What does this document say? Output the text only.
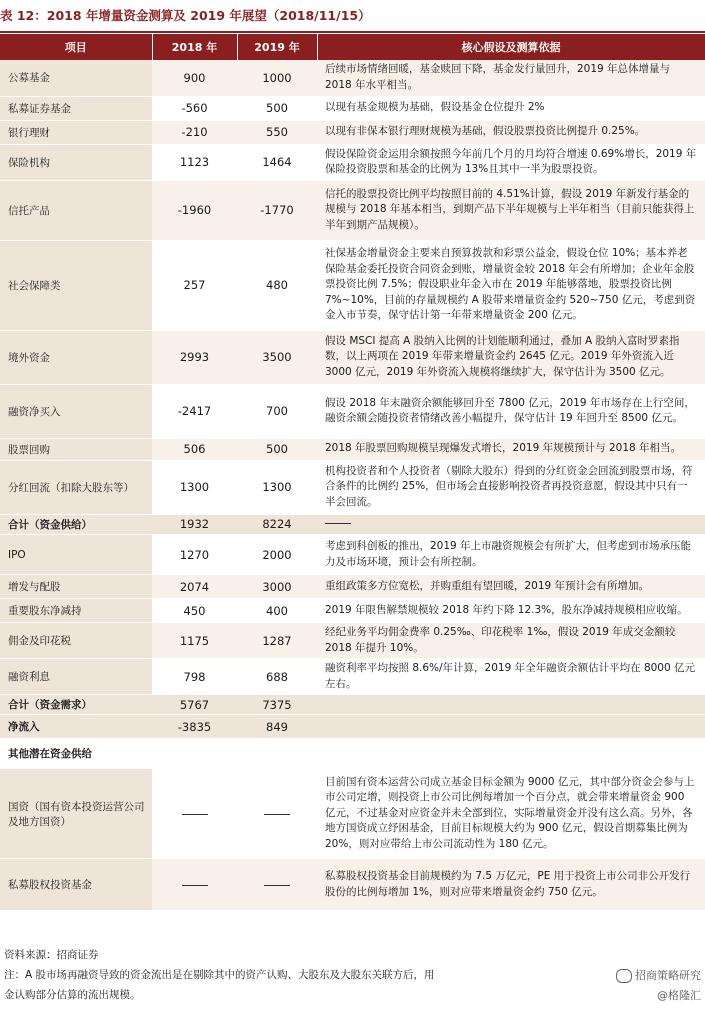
表 12：2018 年增量资金测算及 2019 年展望（2018/11/15）
项目	2018 年	2019 年	核心假设及测算依据
公募基金	900	1000	后续市场情绪回暖，基金赎回下降，基金发行量回升，2019 年总体增量与 2018 年水平相当。
私募证券基金	-560	500	以现有基金规模为基础，假设基金仓位提升 2%
银行理财	-210	550	以现有非保本银行理财规模为基础，假设股票投资比例提升 0.25%。
保险机构	1123	1464	假设保险资金运用余额按照今年前几个月的月均符合增速 0.69%增长，2019 年保险投资股票和基金的比例为 13%且其中一半为股票投资。
信托产品	-1960	-1770	信托的股票投资比例平均按照目前的 4.51%计算，假设 2019 年新发行基金的规模与 2018 年基本相当，到期产品下半年规模与上半年相当（目前只能获得上半年到期产品规模）。
社会保障类	257	480	社保基金增量资金主要来自预算拨款和彩票公益金，假设仓位 10%；基本养老保险基金委托投资合同资金到账，增量资金较 2018 年会有所增加；企业年金股票投资比例 7.5%；假设职业年金入市在 2019 年能够落地，股票投资比例 7%~10%，目前的存量规模约 A 股带来增量资金约 520~750 亿元，考虑到资金入市节奏，保守估计第一年带来增量资金 200 亿元。
境外资金	2993	3500	假设 MSCI 提高 A 股纳入比例的计划能顺利通过，叠加 A 股纳入富时罗素指数，以上两项在 2019 年带来增量资金约 2645 亿元。2019 年外资流入近 3000 亿元，2019 年外资流入规模将继续扩大，保守估计为 3500 亿元。
融资净买入	-2417	700	假设 2018 年末融资余额能够回升至 7800 亿元，2019 年市场存在上行空间，融资余额会随投资者情绪改善小幅提升，保守估计 19 年回升至 8500 亿元。
股票回购	506	500	2018 年股票回购规模呈现爆发式增长，2019 年规模预计与 2018 年相当。
分红回流（扣除大股东等）	1300	1300	机构投资者和个人投资者（剔除大股东）得到的分红资金会回流到股票市场，符合条件的比例约 25%，但市场会直接影响投资者再投资意愿，假设其中只有一半会回流。
合计（资金供给）	1932	8224	
IPO	1270	2000	考虑到科创板的推出，2019 年上市融资规模会有所扩大，但考虑到市场承压能力及市场环境，预计会有所控制。
增发与配股	2074	3000	重组政策多方位宽松，并购重组有望回暖，2019 年预计会有所增加。
重要股东净减持	450	400	2019 年限售解禁规模较 2018 年约下降 12.3%，股东净减持规模相应收缩。
佣金及印花税	1175	1287	经纪业务平均佣金费率 0.25‰、印花税率 1‰，假设 2019 年成交金额较 2018 年提升 10%。
融资利息	798	688	融资利率平均按照 8.6%/年计算，2019 年全年融资余额估计平均在 8000 亿元左右。
合计（资金需求）	5767	7375	
净流入	-3835	849	
其他潜在资金供给			
国资（国有资本投资运营公司及地方国资）			目前国有资本运营公司成立基金目标金额为 9000 亿元，其中部分资金会参与上市公司定增，则投资上市公司比例每增加一个百分点，就会带来增量资金 900 亿元，不过基金对应资金并未全部到位，实际增量资金并没有这么高。另外，各地方国资成立纾困基金，目前目标规模大约为 900 亿元，假设首期募集比例为 20%，则对应带给上市公司流动性为 180 亿元。
私募股权投资基金			私募股权投资基金目前规模约为 7.5 万亿元，PE 用于投资上市公司非公开发行股份的比例每增加 1%，则对应带来增量资金约 750 亿元。
资料来源：招商证券
注：A 股市场再融资导致的资金流出是在剔除其中的资产认购、大股东及大股东关联方后，用
金认购部分估算的流出规模。
招商策略研究
@格隆汇
